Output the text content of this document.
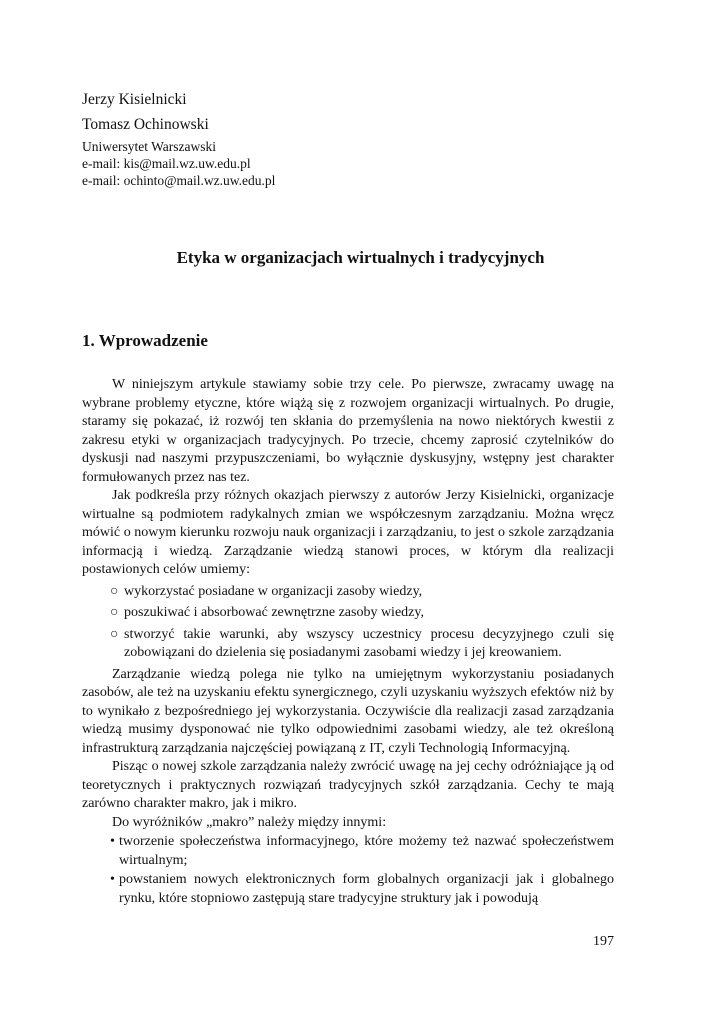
Jerzy Kisielnicki
Tomasz Ochinowski
Uniwersytet Warszawski
e-mail: kis@mail.wz.uw.edu.pl
e-mail: ochinto@mail.wz.uw.edu.pl
Etyka w organizacjach wirtualnych i tradycyjnych
1. Wprowadzenie

W niniejszym artykule stawiamy sobie trzy cele. Po pierwsze, zwracamy uwagę na wybrane problemy etyczne, które wiążą się z rozwojem organizacji wirtualnych. Po drugie, staramy się pokazać, iż rozwój ten skłania do przemyślenia na nowo niektórych kwestii z zakresu etyki w organizacjach tradycyjnych. Po trzecie, chcemy zaprosić czytelników do dyskusji nad naszymi przypuszczeniami, bo wyłącznie dyskusyjny, wstępny jest charakter formułowanych przez nas tez.

Jak podkreśla przy różnych okazjach pierwszy z autorów Jerzy Kisielnicki, organizacje wirtualne są podmiotem radykalnych zmian we współczesnym zarządzaniu. Można wręcz mówić o nowym kierunku rozwoju nauk organizacji i zarządzaniu, to jest o szkole zarządzania informacją i wiedzą. Zarządzanie wiedzą stanowi proces, w którym dla realizacji postawionych celów umiemy:

○ wykorzystać posiadane w organizacji zasoby wiedzy,
○ poszukiwać i absorbować zewnętrzne zasoby wiedzy,
○ stworzyć takie warunki, aby wszyscy uczestnicy procesu decyzyjnego czuli się zobowiązani do dzielenia się posiadanymi zasobami wiedzy i jej kreowaniem.

Zarządzanie wiedzą polega nie tylko na umiejętnym wykorzystaniu posiadanych zasobów, ale też na uzyskaniu efektu synergicznego, czyli uzyskaniu wyższych efektów niż by to wynikało z bezpośredniego jej wykorzystania. Oczywiście dla realizacji zasad zarządzania wiedzą musimy dysponować nie tylko odpowiednimi zasobami wiedzy, ale też określoną infrastrukturą zarządzania najczęściej powiązaną z IT, czyli Technologią Informacyjną.

Pisząc o nowej szkole zarządzania należy zwrócić uwagę na jej cechy odróżniające ją od teoretycznych i praktycznych rozwiązań tradycyjnych szkół zarządzania. Cechy te mają zarówno charakter makro, jak i mikro.

Do wyróżników „makro” należy między innymi:

• tworzenie społeczeństwa informacyjnego, które możemy też nazwać społeczeństwem wirtualnym;
• powstaniem nowych elektronicznych form globalnych organizacji jak i globalnego rynku, które stopniowo zastępują stare tradycyjne struktury jak i powodują
197
